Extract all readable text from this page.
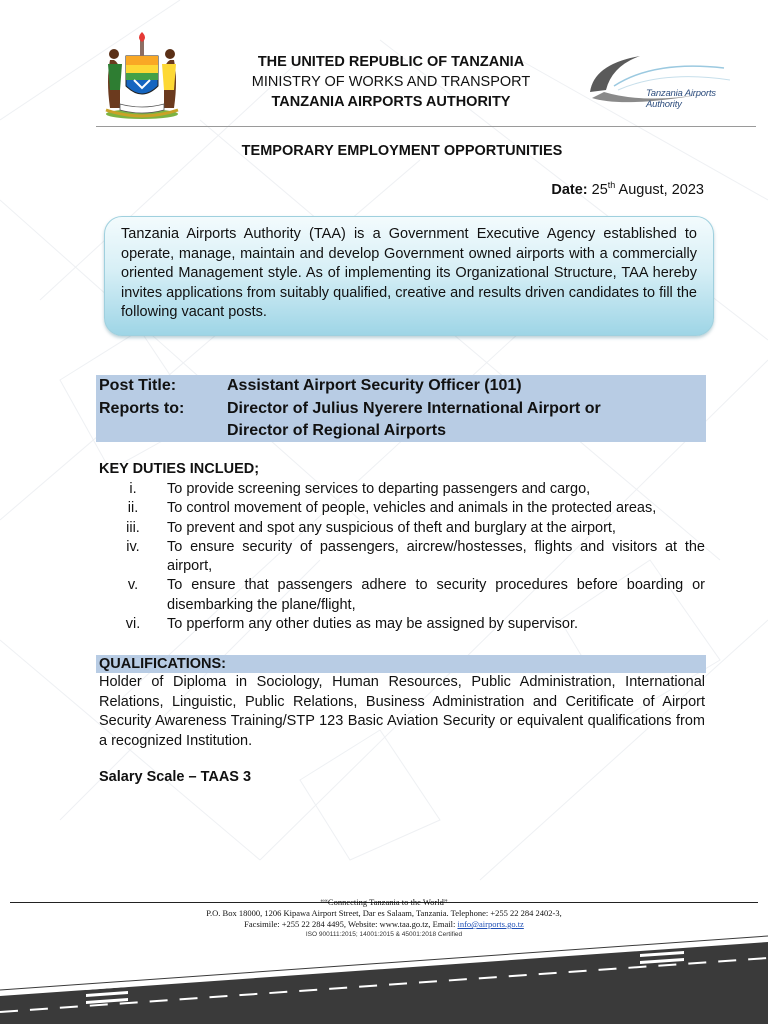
THE UNITED REPUBLIC OF TANZANIA
MINISTRY OF WORKS AND TRANSPORT
TANZANIA AIRPORTS AUTHORITY
Tanzania Airports Authority
TEMPORARY EMPLOYMENT OPPORTUNITIES
Date: 25th August, 2023
Tanzania Airports Authority (TAA) is a Government Executive Agency established to operate, manage, maintain and develop Government owned airports with a commercially oriented Management style. As of implementing its Organizational Structure, TAA hereby invites applications from suitably qualified, creative and results driven candidates to fill the following vacant posts.
Post Title:	Assistant Airport Security Officer (101)
Reports to:	Director of Julius Nyerere International Airport or
Director of Regional Airports
KEY DUTIES INCLUED;
i.	To provide screening services to departing passengers and cargo,
ii.	To control movement of people, vehicles and animals in the protected areas,
iii.	To prevent and spot any suspicious of theft and burglary at the airport,
iv.	To ensure security of passengers, aircrew/hostesses, flights and visitors at the airport,
v.	To ensure that passengers adhere to security procedures before boarding or disembarking the plane/flight,
vi.	To pperform any other duties as may be assigned by supervisor.
QUALIFICATIONS:
Holder of Diploma in Sociology, Human Resources, Public Administration, International Relations, Linguistic, Public Relations, Business Administration and Ceritificate of Airport Security Awareness Training/STP 123 Basic Aviation Security or equivalent qualifications from a recognized Institution.
Salary Scale – TAAS 3
““Connecting Tanzania to the World”
P.O. Box 18000, 1206 Kipawa Airport Street, Dar es Salaam, Tanzania. Telephone: +255 22 284 2402-3,
Facsimile: +255 22 284 4495, Website: www.taa.go.tz, Email: info@airports.go.tz
ISO 900111:2015; 14001:2015 & 45001:2018 Certified
